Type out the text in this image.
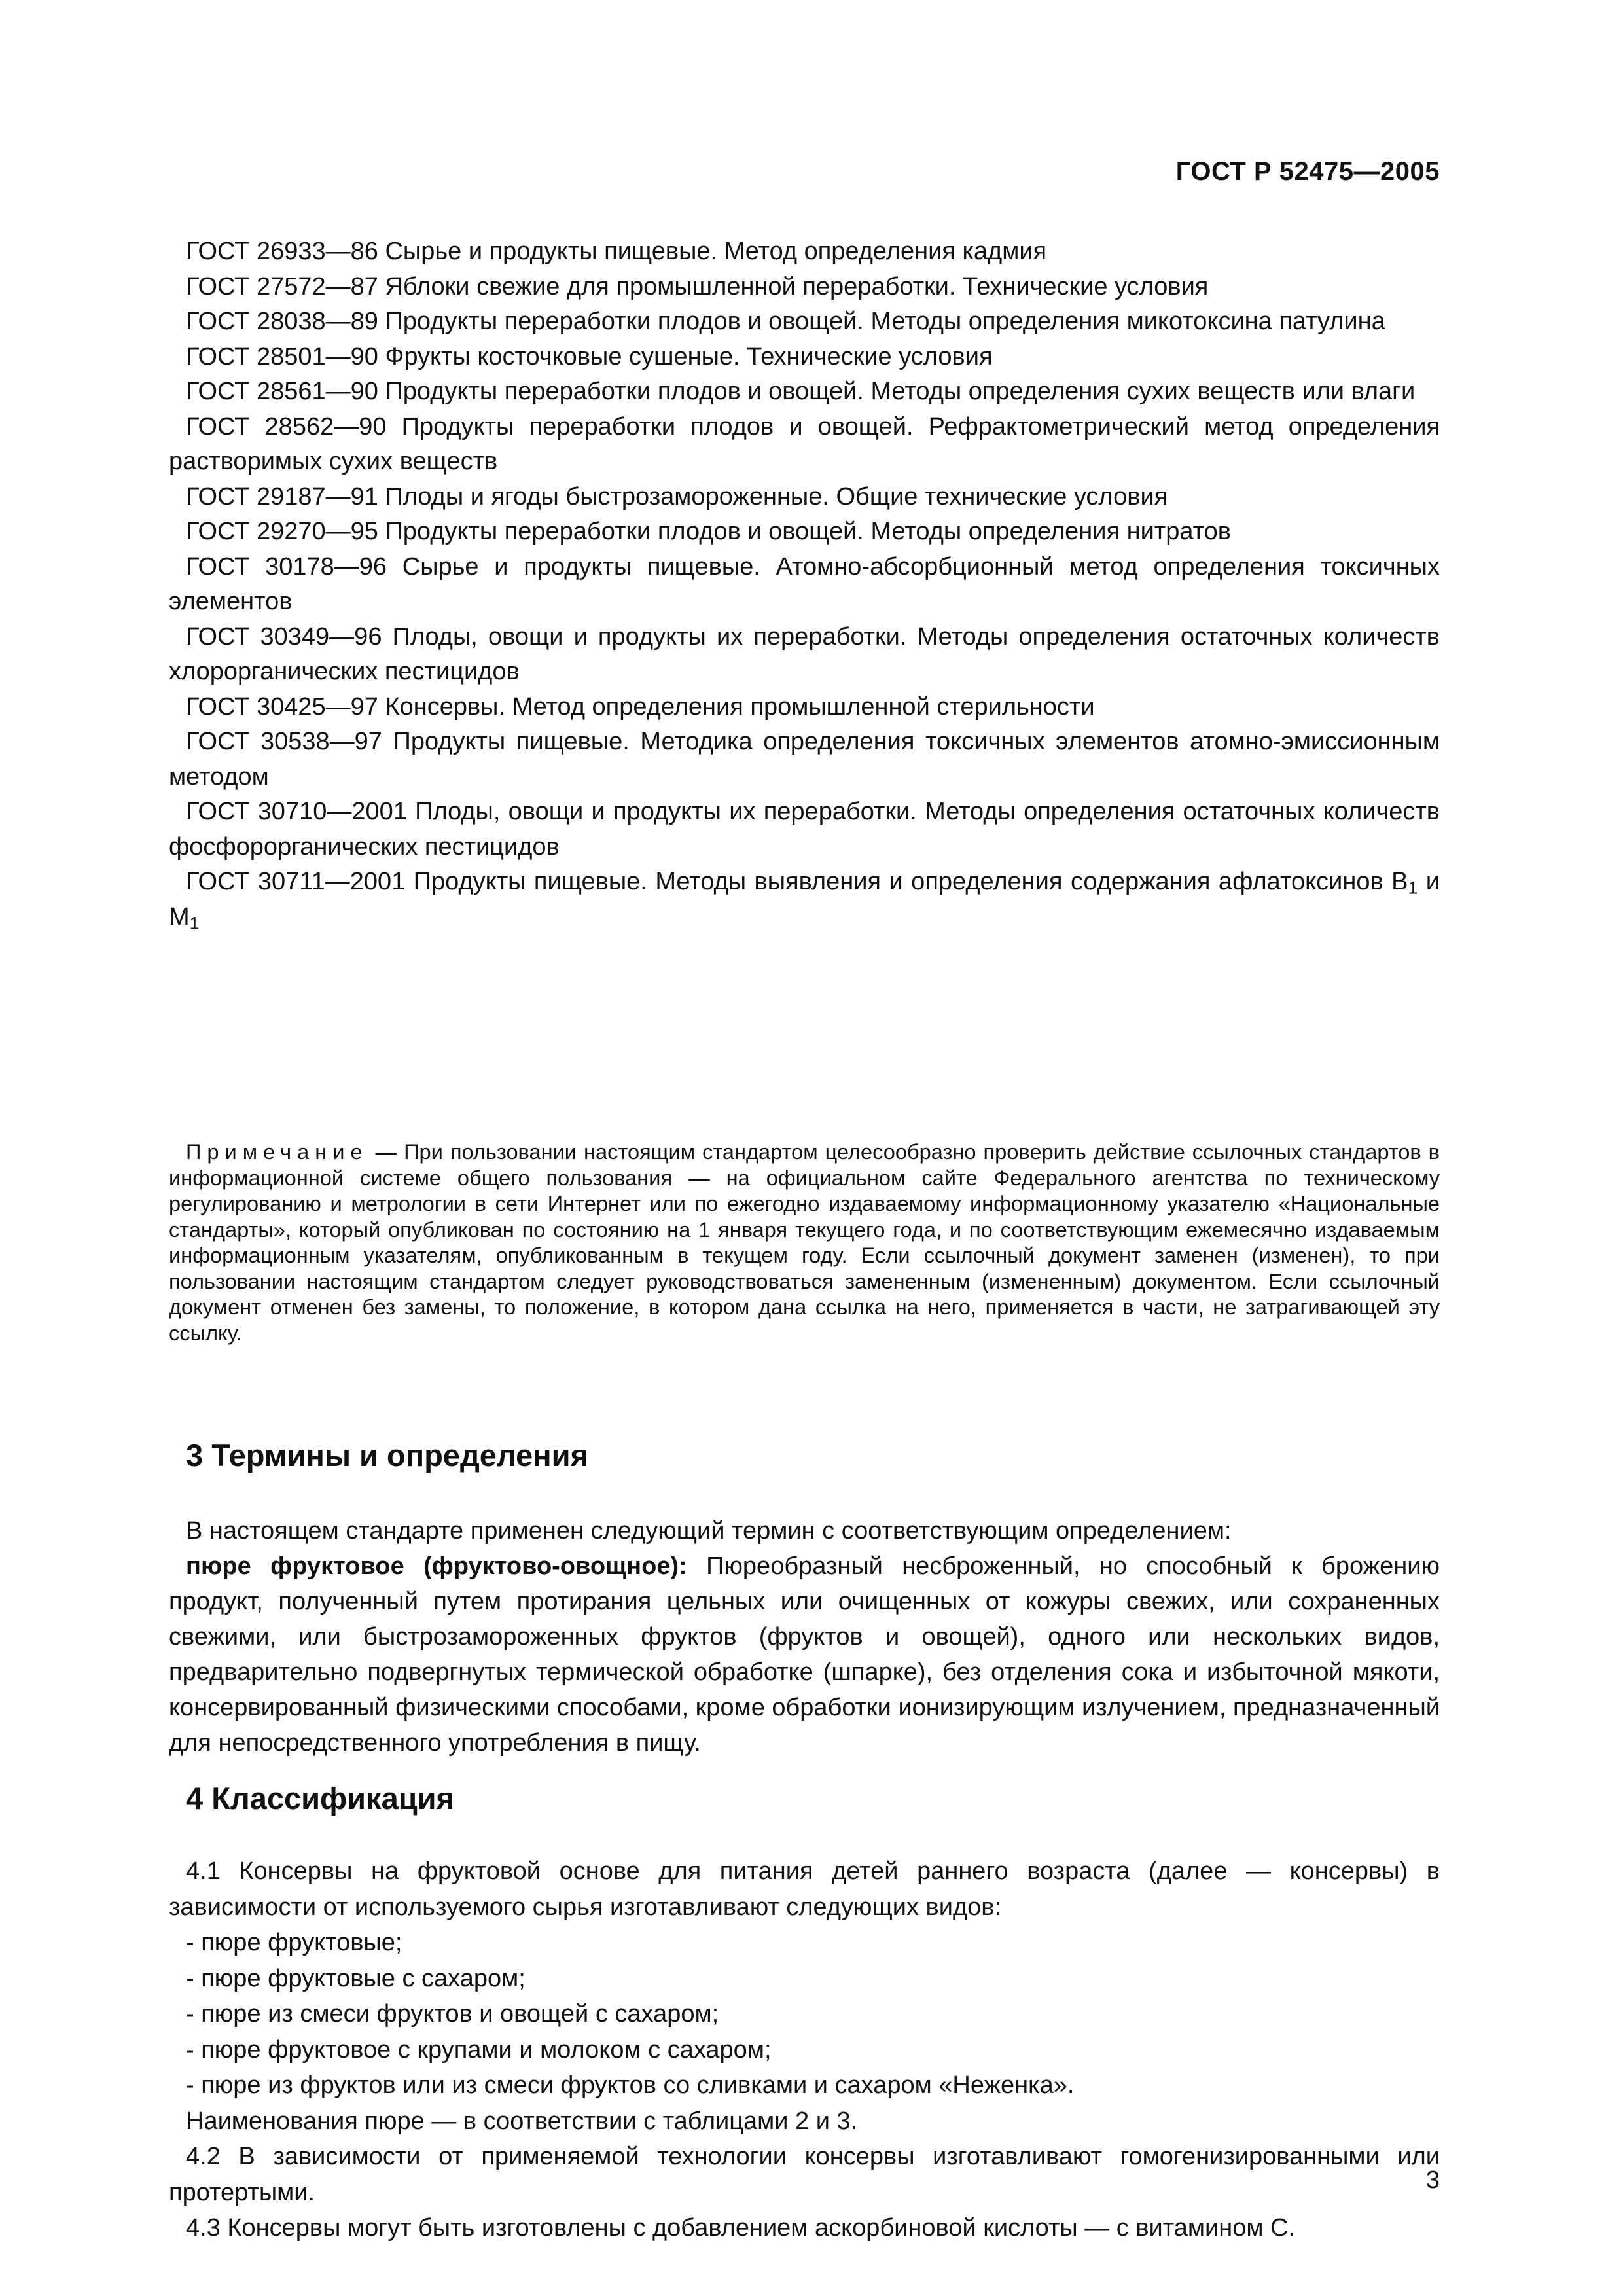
ГОСТ Р 52475—2005

ГОСТ 26933—86 Сырье и продукты пищевые. Метод определения кадмия

ГОСТ 27572—87 Яблоки свежие для промышленной переработки. Технические условия

ГОСТ 28038—89 Продукты переработки плодов и овощей. Методы определения микотоксина патулина

ГОСТ 28501—90 Фрукты косточковые сушеные. Технические условия

ГОСТ 28561—90 Продукты переработки плодов и овощей. Методы определения сухих веществ или влаги

ГОСТ 28562—90 Продукты переработки плодов и овощей. Рефрактометрический метод определения растворимых сухих веществ

ГОСТ 29187—91 Плоды и ягоды быстрозамороженные. Общие технические условия

ГОСТ 29270—95 Продукты переработки плодов и овощей. Методы определения нитратов

ГОСТ 30178—96 Сырье и продукты пищевые. Атомно-абсорбционный метод определения токсичных элементов

ГОСТ 30349—96 Плоды, овощи и продукты их переработки. Методы определения остаточных количеств хлорорганических пестицидов

ГОСТ 30425—97 Консервы. Метод определения промышленной стерильности

ГОСТ 30538—97 Продукты пищевые. Методика определения токсичных элементов атомно-эмиссионным методом

ГОСТ 30710—2001 Плоды, овощи и продукты их переработки. Методы определения остаточных количеств фосфорорганических пестицидов

ГОСТ 30711—2001 Продукты пищевые. Методы выявления и определения содержания афлатоксинов $B_1$ и $M_1$

Примечание — При пользовании настоящим стандартом целесообразно проверить действие ссылочных стандартов в информационной системе общего пользования — на официальном сайте Федерального агентства по техническому регулированию и метрологии в сети Интернет или по ежегодно издаваемому информационному указателю «Национальные стандарты», который опубликован по состоянию на 1 января текущего года, и по соответствующим ежемесячно издаваемым информационным указателям, опубликованным в текущем году. Если ссылочный документ заменен (изменен), то при пользовании настоящим стандартом следует руководствоваться замененным (измененным) документом. Если ссылочный документ отменен без замены, то положение, в котором дана ссылка на него, применяется в части, не затрагивающей эту ссылку.

3 Термины и определения

В настоящем стандарте применен следующий термин с соответствующим определением:

пюре фруктовое (фруктово-овощное): Пюреобразный несброженный, но способный к брожению продукт, полученный путем протирания цельных или очищенных от кожуры свежих, или сохраненных свежими, или быстрозамороженных фруктов (фруктов и овощей), одного или нескольких видов, предварительно подвергнутых термической обработке (шпарке), без отделения сока и избыточной мякоти, консервированный физическими способами, кроме обработки ионизирующим излучением, предназначенный для непосредственного употребления в пищу.

4 Классификация

4.1 Консервы на фруктовой основе для питания детей раннего возраста (далее — консервы) в зависимости от используемого сырья изготавливают следующих видов:

- пюре фруктовые;
- пюре фруктовые с сахаром;
- пюре из смеси фруктов и овощей с сахаром;
- пюре фруктовое с крупами и молоком с сахаром;
- пюре из фруктов или из смеси фруктов со сливками и сахаром «Неженка».

Наименования пюре — в соответствии с таблицами 2 и 3.

4.2 В зависимости от применяемой технологии консервы изготавливают гомогенизированными или протертыми.

4.3 Консервы могут быть изготовлены с добавлением аскорбиновой кислоты — с витамином C.

3
